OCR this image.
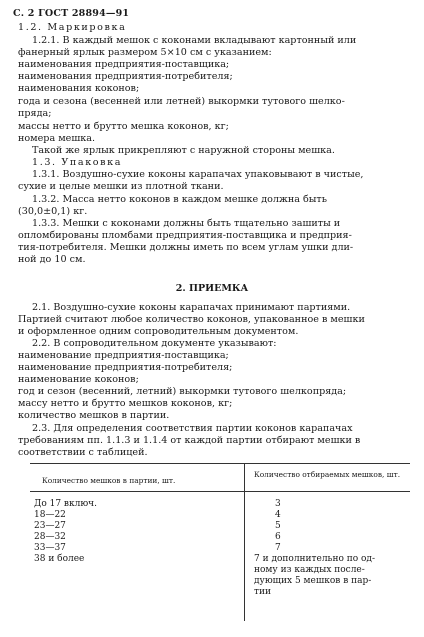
С. 2 ГОСТ 28894—91
1.2. Маркировка
1.2.1. В каждый мешок с коконами вкладывают картонный или
фанерный ярлык размером 5×10 см с указанием:
наименования предприятия-поставщика;
наименования предприятия-потребителя;
наименования коконов;
года и сезона (весенней или летней) выкормки тутового шелко-
пряда;
массы нетто и брутто мешка коконов, кг;
номера мешка.
Такой же ярлык прикрепляют с наружной стороны мешка.
1.3. Упаковка
1.3.1. Воздушно-сухие коконы карапачах упаковывают в чистые,
сухие и целые мешки из плотной ткани.
1.3.2. Масса нетто коконов в каждом мешке должна быть
(30,0±0,1) кг.
1.3.3. Мешки с коконами должны быть тщательно зашиты и
опломбированы пломбами предприятия-поставщика и предприя-
тия-потребителя. Мешки должны иметь по всем углам ушки дли-
ной до 10 см.
2. ПРИЕМКА
2.1. Воздушно-сухие коконы карапачах принимают партиями.
Партией считают любое количество коконов, упакованное в мешки
и оформленное одним сопроводительным документом.
2.2. В сопроводительном документе указывают:
наименование предприятия-поставщика;
наименование предприятия-потребителя;
наименование коконов;
год и сезон (весенний, летний) выкормки тутового шелкопряда;
массу нетто и брутто мешков коконов, кг;
количество мешков в партии.
2.3. Для определения соответствия партии коконов карапачах
требованиям пп. 1.1.3 и 1.1.4 от каждой партии отбирают мешки в
соответствии с таблицей.
Количество мешков в партии, шт.
Количество отбираемых мешков, шт.
До 17 включ.	3
18—22	4
23—27	5
28—32	6
33—37	7
38 и более	7 и дополнительно по од-
ному из каждых после-
дующих 5 мешков в пар-
тии
